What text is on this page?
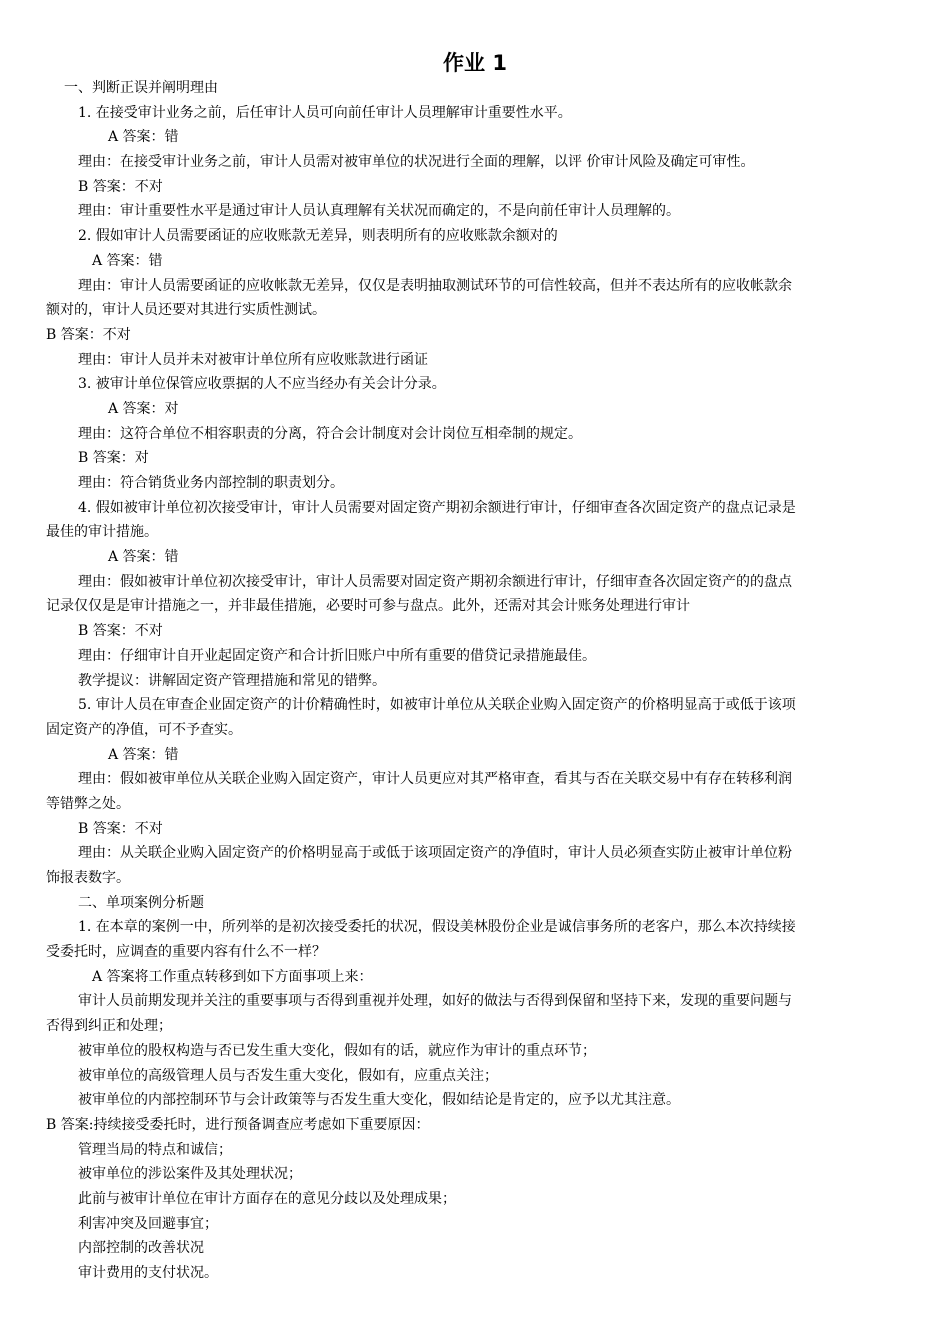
作业 1
一、判断正误并阐明理由
1. 在接受审计业务之前，后任审计人员可向前任审计人员理解审计重要性水平。
A 答案：错
理由：在接受审计业务之前，审计人员需对被审单位的状况进行全面的理解，以评 价审计风险及确定可审性。
B 答案：不对
理由：审计重要性水平是通过审计人员认真理解有关状况而确定的，不是向前任审计人员理解的。
2. 假如审计人员需要函证的应收账款无差异，则表明所有的应收账款余额对的
A 答案：错
理由：审计人员需要函证的应收帐款无差异，仅仅是表明抽取测试环节的可信性较高，但并不表达所有的应收帐款余
额对的，审计人员还要对其进行实质性测试。
B 答案：不对
理由：审计人员并未对被审计单位所有应收账款进行函证
3. 被审计单位保管应收票据的人不应当经办有关会计分录。
A 答案：对
理由：这符合单位不相容职责的分离，符合会计制度对会计岗位互相牵制的规定。
B 答案：对
理由：符合销货业务内部控制的职责划分。
4. 假如被审计单位初次接受审计，审计人员需要对固定资产期初余额进行审计，仔细审查各次固定资产的盘点记录是
最佳的审计措施。
A 答案：错
理由：假如被审计单位初次接受审计，审计人员需要对固定资产期初余额进行审计，仔细审查各次固定资产的的盘点
记录仅仅是是审计措施之一，并非最佳措施，必要时可参与盘点。此外，还需对其会计账务处理进行审计
B 答案：不对
理由：仔细审计自开业起固定资产和合计折旧账户中所有重要的借贷记录措施最佳。
教学提议：讲解固定资产管理措施和常见的错弊。
5. 审计人员在审查企业固定资产的计价精确性时，如被审计单位从关联企业购入固定资产的价格明显高于或低于该项
固定资产的净值，可不予查实。
A 答案：错
理由：假如被审单位从关联企业购入固定资产，审计人员更应对其严格审查，看其与否在关联交易中有存在转移利润
等错弊之处。
B 答案：不对
理由：从关联企业购入固定资产的价格明显高于或低于该项固定资产的净值时，审计人员必须查实防止被审计单位粉
饰报表数字。
二、单项案例分析题
1. 在本章的案例一中，所列举的是初次接受委托的状况，假设美林股份企业是诚信事务所的老客户，那么本次持续接
受委托时，应调查的重要内容有什么不一样？
A 答案将工作重点转移到如下方面事项上来：
审计人员前期发现并关注的重要事项与否得到重视并处理，如好的做法与否得到保留和坚持下来，发现的重要问题与
否得到纠正和处理；
被审单位的股权构造与否已发生重大变化，假如有的话，就应作为审计的重点环节；
被审单位的高级管理人员与否发生重大变化，假如有，应重点关注；
被审单位的内部控制环节与会计政策等与否发生重大变化，假如结论是肯定的，应予以尤其注意。
B 答案:持续接受委托时，进行预备调查应考虑如下重要原因：
管理当局的特点和诚信；
被审单位的涉讼案件及其处理状况；
此前与被审计单位在审计方面存在的意见分歧以及处理成果；
利害冲突及回避事宜；
内部控制的改善状况
审计费用的支付状况。
